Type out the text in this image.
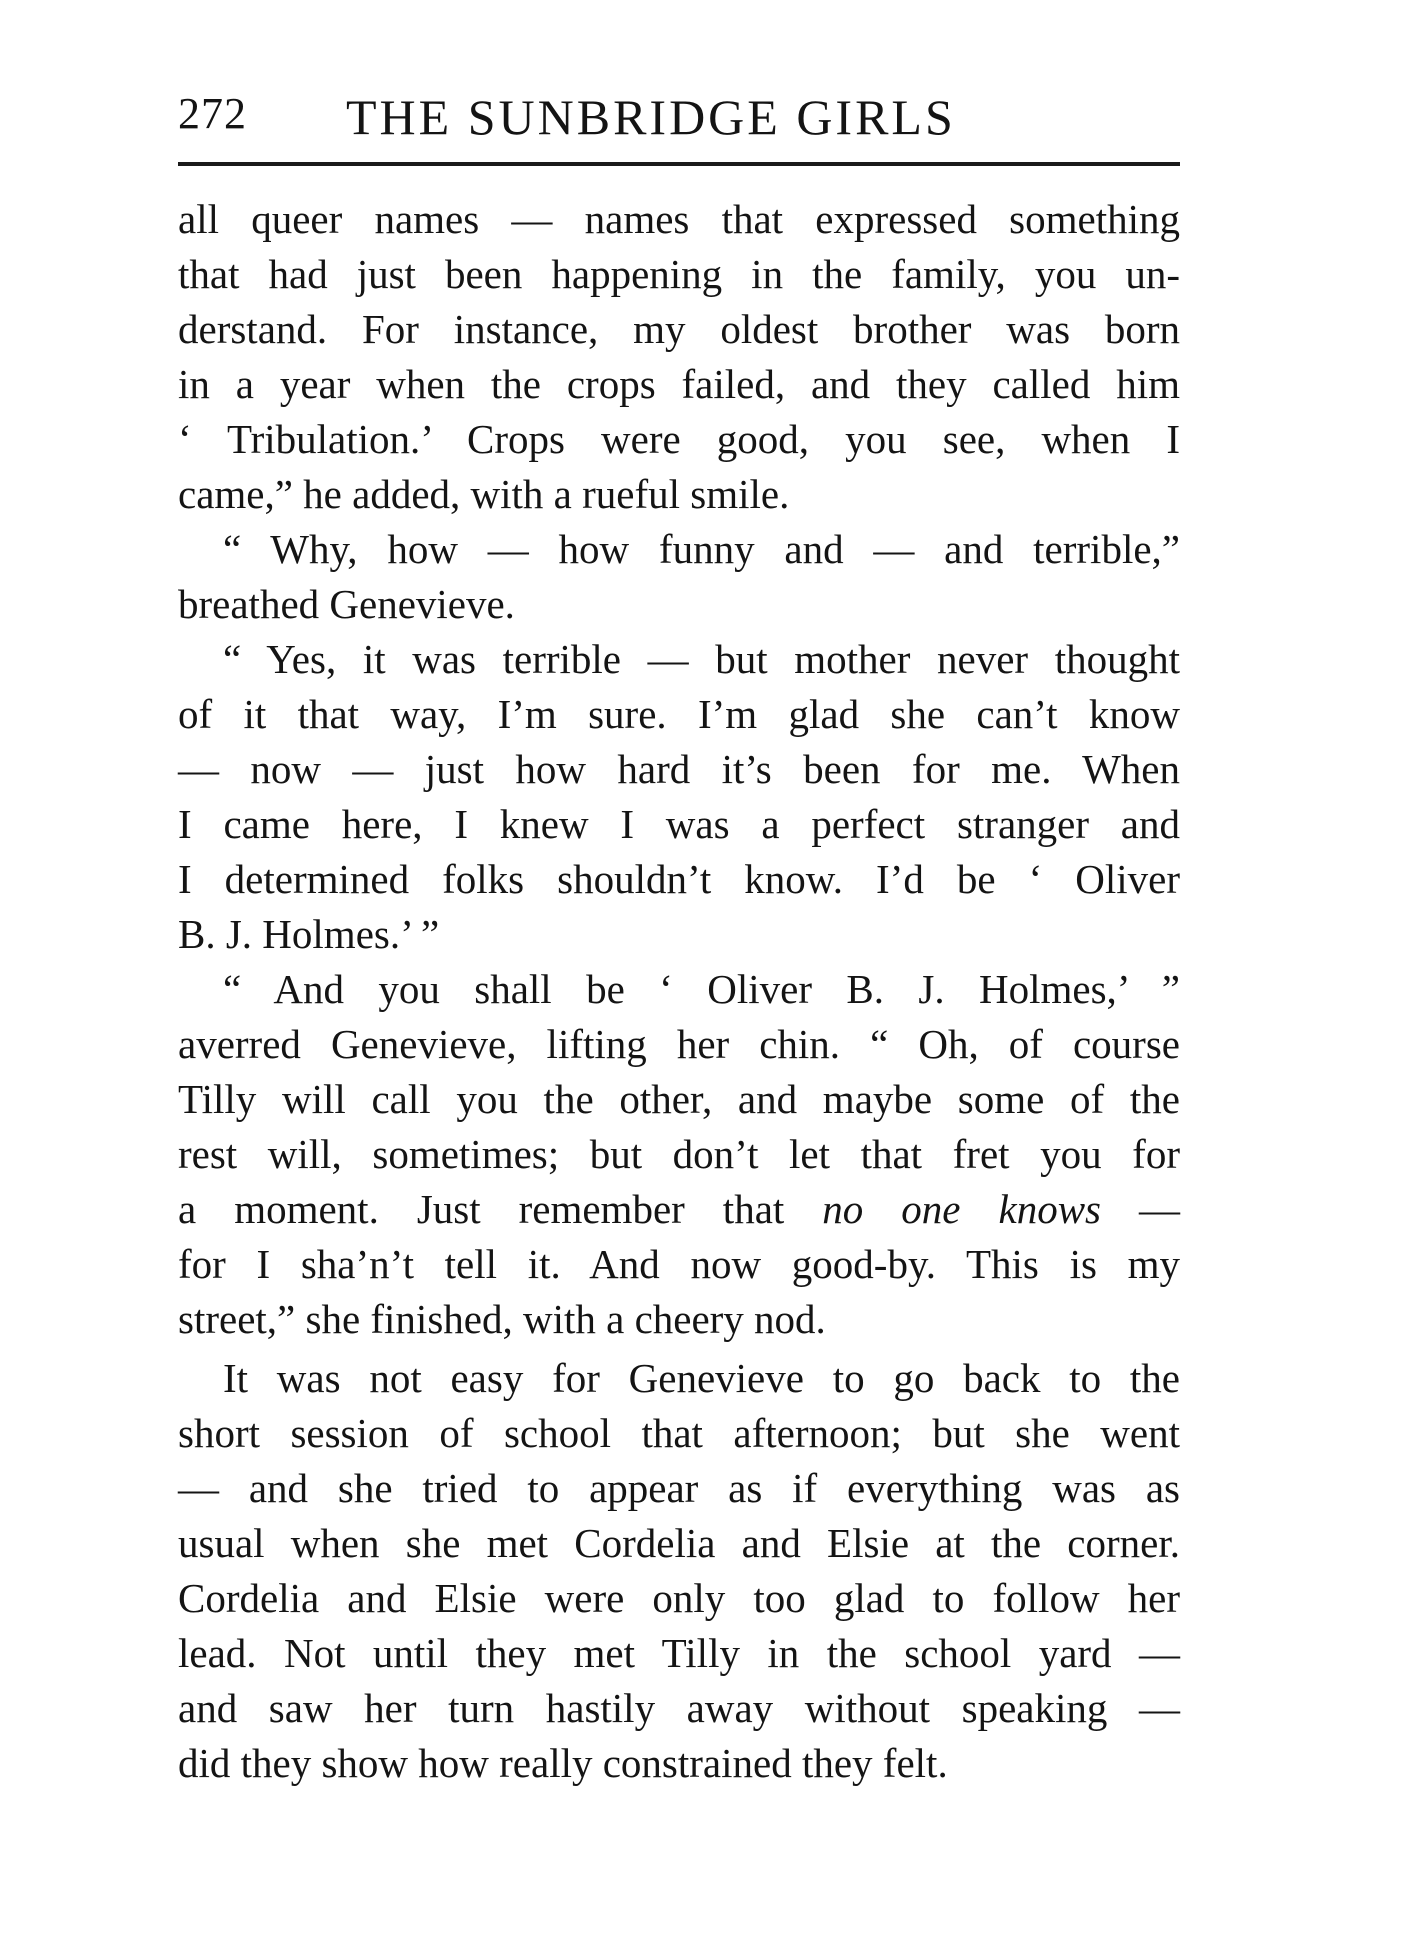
272 THE SUNBRIDGE GIRLS
all queer names — names that expressed something
that had just been happening in the family, you un-
derstand. For instance, my oldest brother was born
in a year when the crops failed, and they called him
‘ Tribulation.’ Crops were good, you see, when I
came,” he added, with a rueful smile.
“ Why, how — how funny and — and terrible,”
breathed Genevieve.
“ Yes, it was terrible — but mother never thought
of it that way, I’m sure. I’m glad she can’t know
— now — just how hard it’s been for me. When
I came here, I knew I was a perfect stranger and
I determined folks shouldn’t know. I’d be ‘ Oliver
B. J. Holmes.’ ”
“ And you shall be ‘ Oliver B. J. Holmes,’ ”
averred Genevieve, lifting her chin. “ Oh, of course
Tilly will call you the other, and maybe some of the
rest will, sometimes; but don’t let that fret you for
a moment. Just remember that no one knows —
for I sha’n’t tell it. And now good-by. This is my
street,” she finished, with a cheery nod.
It was not easy for Genevieve to go back to the
short session of school that afternoon; but she went
— and she tried to appear as if everything was as
usual when she met Cordelia and Elsie at the corner.
Cordelia and Elsie were only too glad to follow her
lead. Not until they met Tilly in the school yard —
and saw her turn hastily away without speaking —
did they show how really constrained they felt.
